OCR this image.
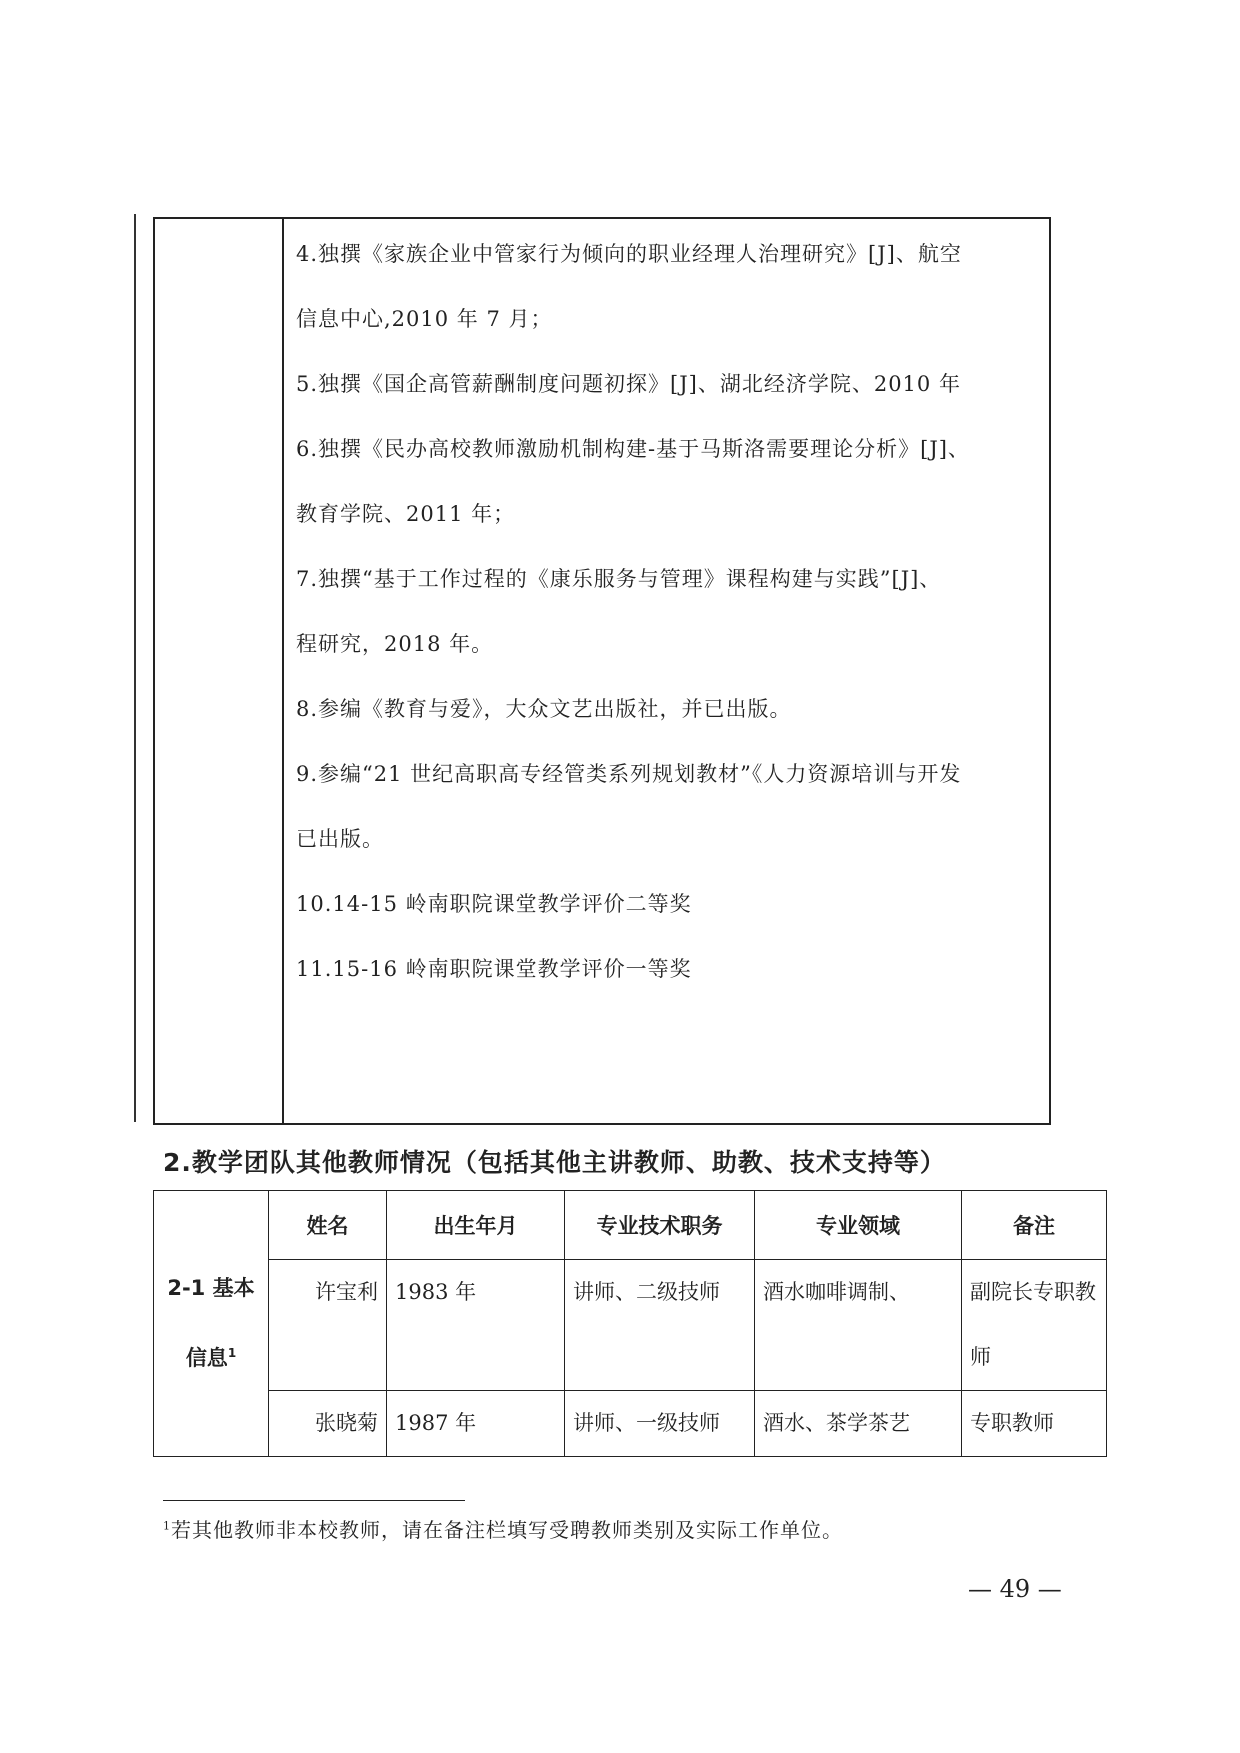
4.独撰《家族企业中管家行为倾向的职业经理人治理研究》[J]、航空
信息中心,2010 年 7 月；
5.独撰《国企高管薪酬制度问题初探》[J]、湖北经济学院、2010 年
6.独撰《民办高校教师激励机制构建-基于马斯洛需要理论分析》[J]、
教育学院、2011 年；
7.独撰“基于工作过程的《康乐服务与管理》课程构建与实践”[J]、
程研究，2018 年。
8.参编《教育与爱》，大众文艺出版社，并已出版。
9.参编“21 世纪高职高专经管类系列规划教材”《人力资源培训与开发
已出版。
10.14-15 岭南职院课堂教学评价二等奖
11.15-16 岭南职院课堂教学评价一等奖
2.教学团队其他教师情况（包括其他主讲教师、助教、技术支持等）
2-1 基本
信息$^1$	姓名	出生年月	专业技术职务	专业领域	备注
	许宝利	1983 年	讲师、二级技师	酒水咖啡调制、	副院长专职教师
	张晓菊	1987 年	讲师、一级技师	酒水、茶学茶艺	专职教师
$^1$若其他教师非本校教师，请在备注栏填写受聘教师类别及实际工作单位。
— 49 —
